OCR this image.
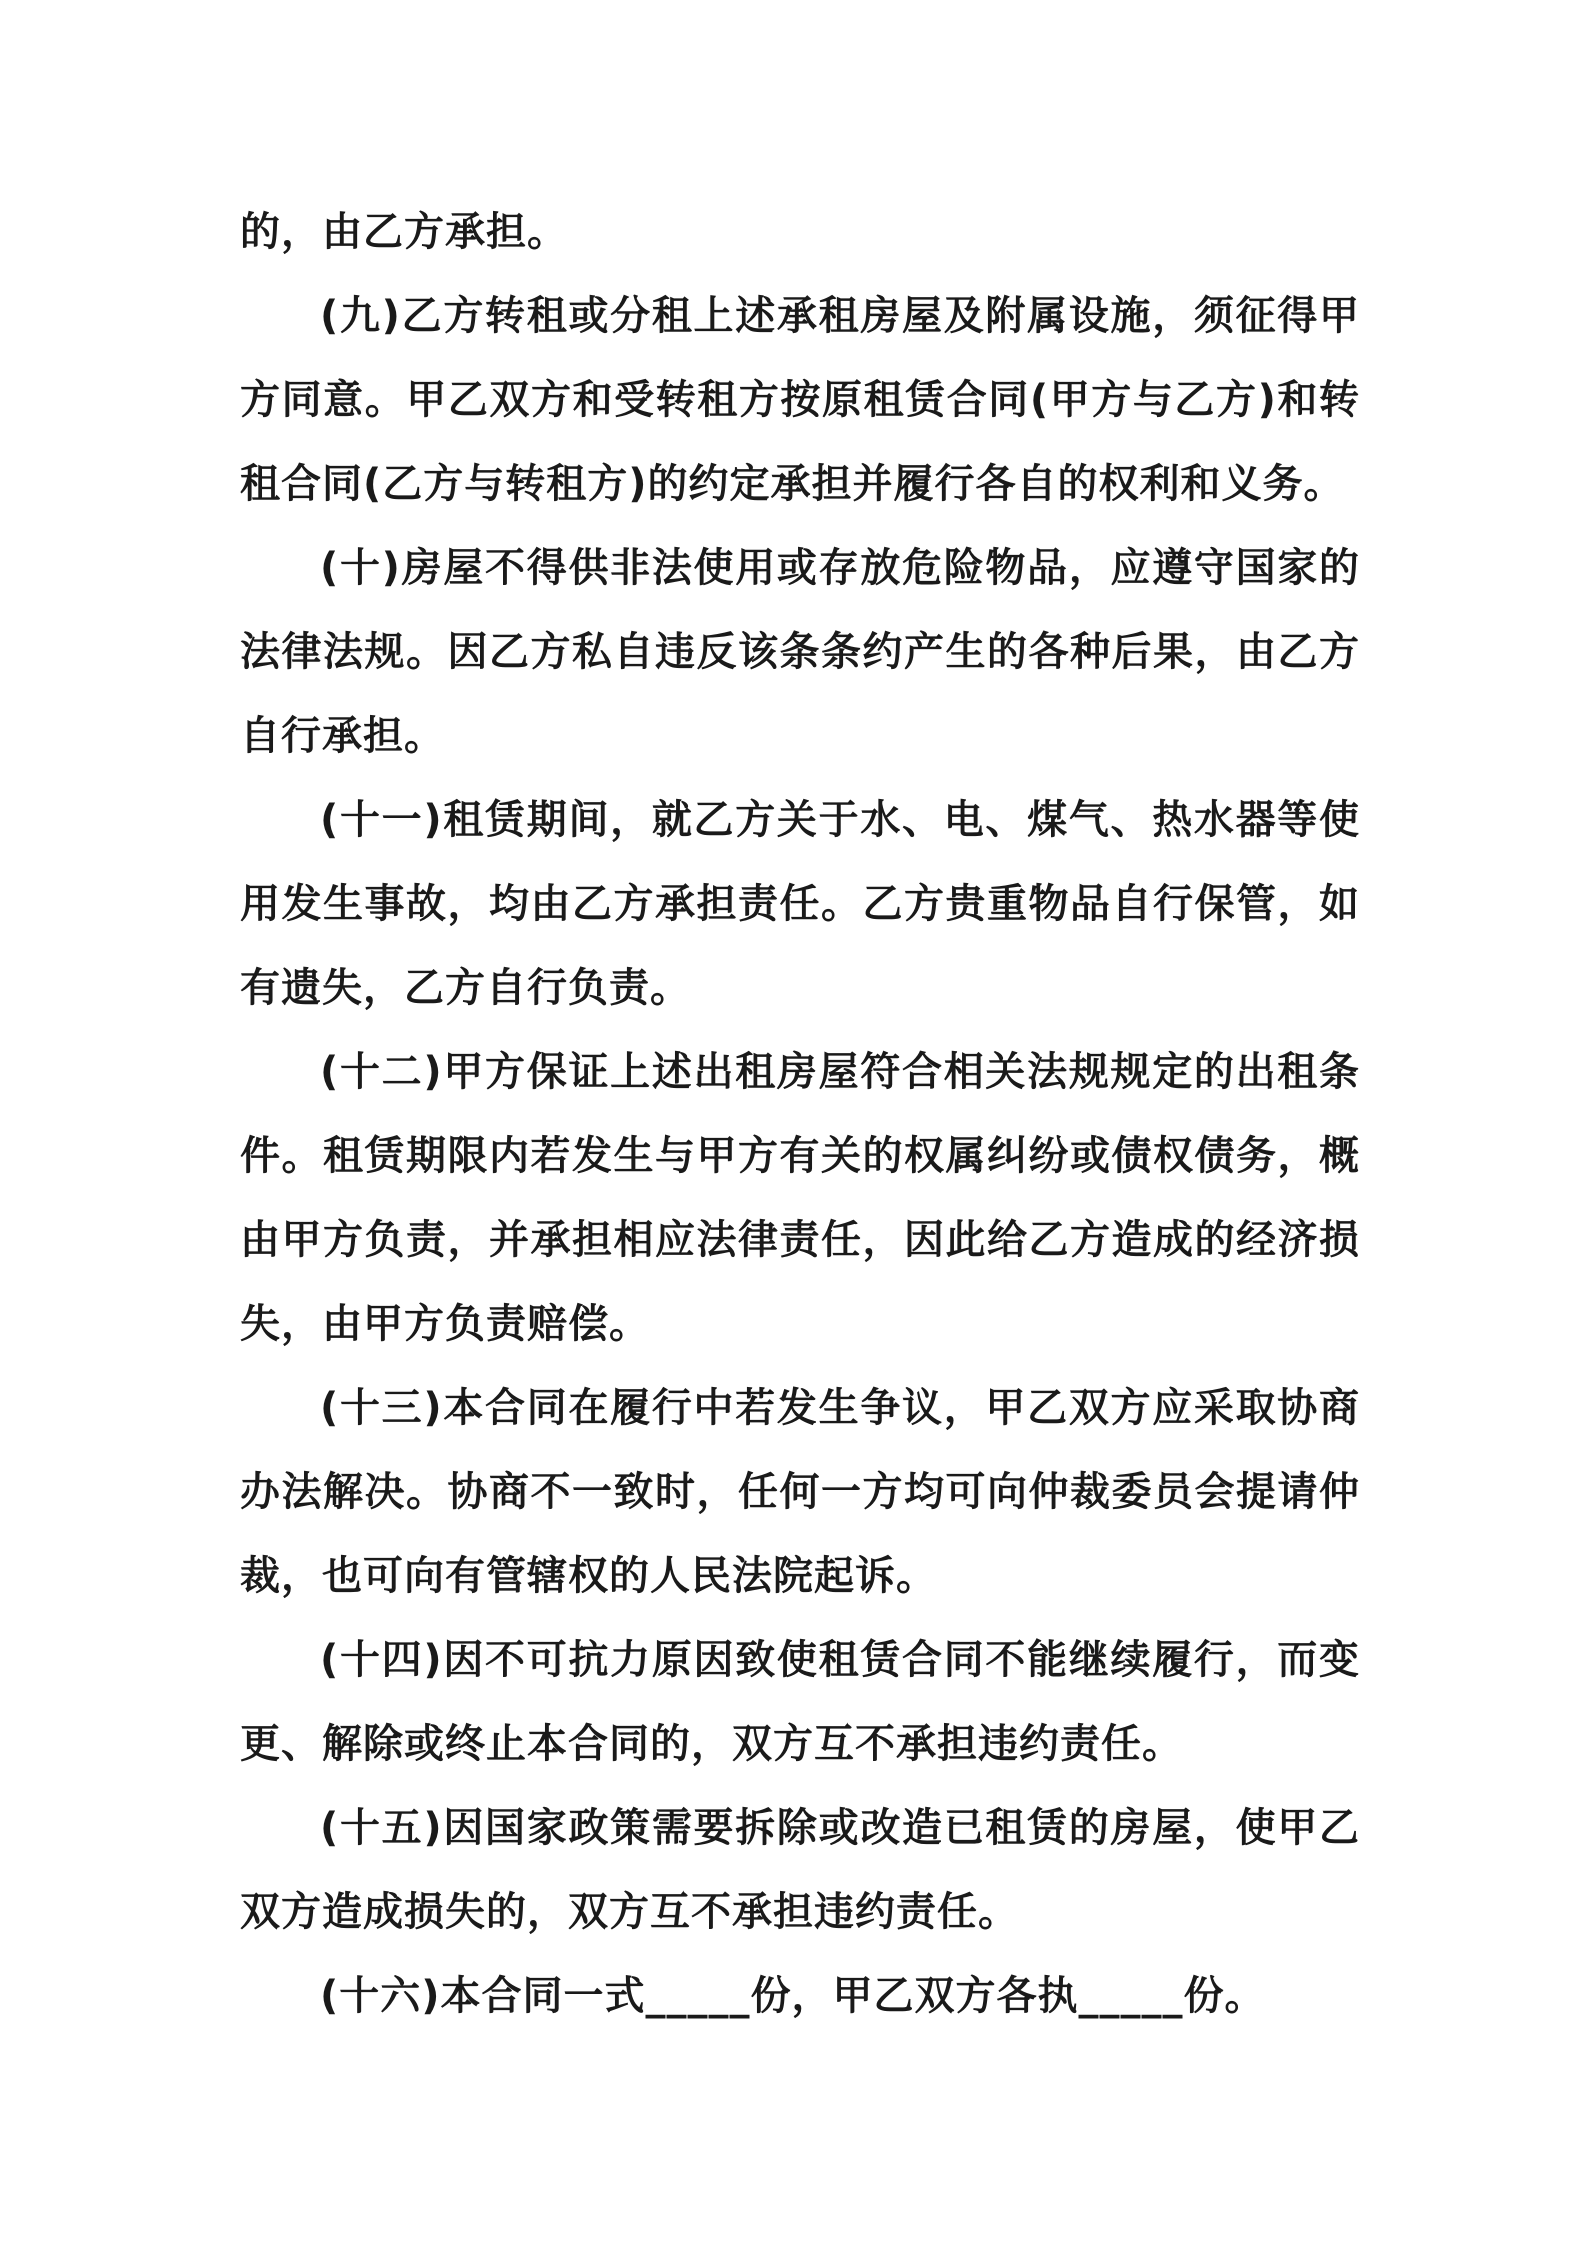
的，由乙方承担。

(九)乙方转租或分租上述承租房屋及附属设施，须征得甲方同意。甲乙双方和受转租方按原租赁合同(甲方与乙方)和转租合同(乙方与转租方)的约定承担并履行各自的权利和义务。

(十)房屋不得供非法使用或存放危险物品，应遵守国家的法律法规。因乙方私自违反该条条约产生的各种后果，由乙方自行承担。

(十一)租赁期间，就乙方关于水、电、煤气、热水器等使用发生事故，均由乙方承担责任。乙方贵重物品自行保管，如有遗失，乙方自行负责。

(十二)甲方保证上述出租房屋符合相关法规规定的出租条件。租赁期限内若发生与甲方有关的权属纠纷或债权债务，概由甲方负责，并承担相应法律责任，因此给乙方造成的经济损失，由甲方负责赔偿。

(十三)本合同在履行中若发生争议，甲乙双方应采取协商办法解决。协商不一致时，任何一方均可向仲裁委员会提请仲裁，也可向有管辖权的人民法院起诉。

(十四)因不可抗力原因致使租赁合同不能继续履行，而变更、解除或终止本合同的，双方互不承担违约责任。

(十五)因国家政策需要拆除或改造已租赁的房屋，使甲乙双方造成损失的，双方互不承担违约责任。

(十六)本合同一式_____份，甲乙双方各执_____份。
